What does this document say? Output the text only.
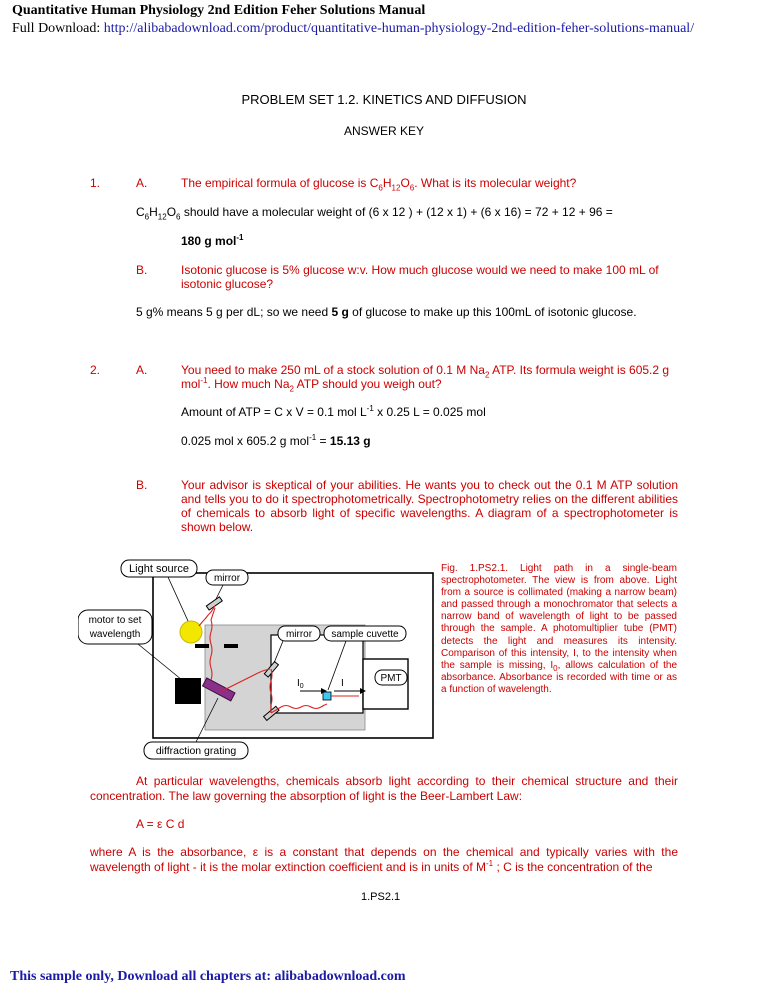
Quantitative Human Physiology 2nd Edition Feher Solutions Manual
Full Download: http://alibabadownload.com/product/quantitative-human-physiology-2nd-edition-feher-solutions-manual/
PROBLEM SET 1.2. KINETICS AND DIFFUSION
ANSWER KEY
1.	A.	The empirical formula of glucose is $C_6H_{12}O_6$. What is its molecular weight?
$C_6H_{12}O_6$ should have a molecular weight of (6 x 12 ) + (12 x 1) + (6 x 16) = 72 + 12 + 96 =
180 g mol$^{-1}$
B.	Isotonic glucose is 5% glucose w:v. How much glucose would we need to make 100 mL of isotonic glucose?
5 g% means 5 g per dL; so we need 5 g of glucose to make up this 100mL of isotonic glucose.
2.	A.	You need to make 250 mL of a stock solution of 0.1 M $Na_2$ ATP. Its formula weight is 605.2 g mol$^{-1}$. How much $Na_2$ ATP should you weigh out?
Amount of ATP = C x V = 0.1 mol $L^{-1}$ x 0.25 L = 0.025 mol
0.025 mol x 605.2 g mol$^{-1}$ = 15.13 g
B.	Your advisor is skeptical of your abilities. He wants you to check out the 0.1 M ATP solution and tells you to do it spectrophotometrically. Spectrophotometry relies on the different abilities of chemicals to absorb light of specific wavelengths. A diagram of a spectrophotometer is shown below.
Light source
mirror
motor to set
wavelength	mirror sample cuvette
PMT
$I_0$	I
diffraction grating
Fig. 1.PS2.1. Light path in a single-beam spectrophotometer. The view is from above. Light from a source is collimated (making a narrow beam) and passed through a monochromator that selects a narrow band of wavelength of light to be passed through the sample. A photomultiplier tube (PMT) detects the light and measures its intensity. Comparison of this intensity, I, to the intensity when the sample is missing, $I_0$, allows calculation of the absorbance. Absorbance is recorded with time or as a function of wavelength.
At particular wavelengths, chemicals absorb light according to their chemical structure and their concentration. The law governing the absorption of light is the Beer-Lambert Law:
A = ε C d
where A is the absorbance, ε is a constant that depends on the chemical and typically varies with the wavelength of light - it is the molar extinction coefficient and is in units of $M^{-1}$ ; C is the concentration of the
1.PS2.1
This sample only, Download all chapters at: alibabadownload.com
